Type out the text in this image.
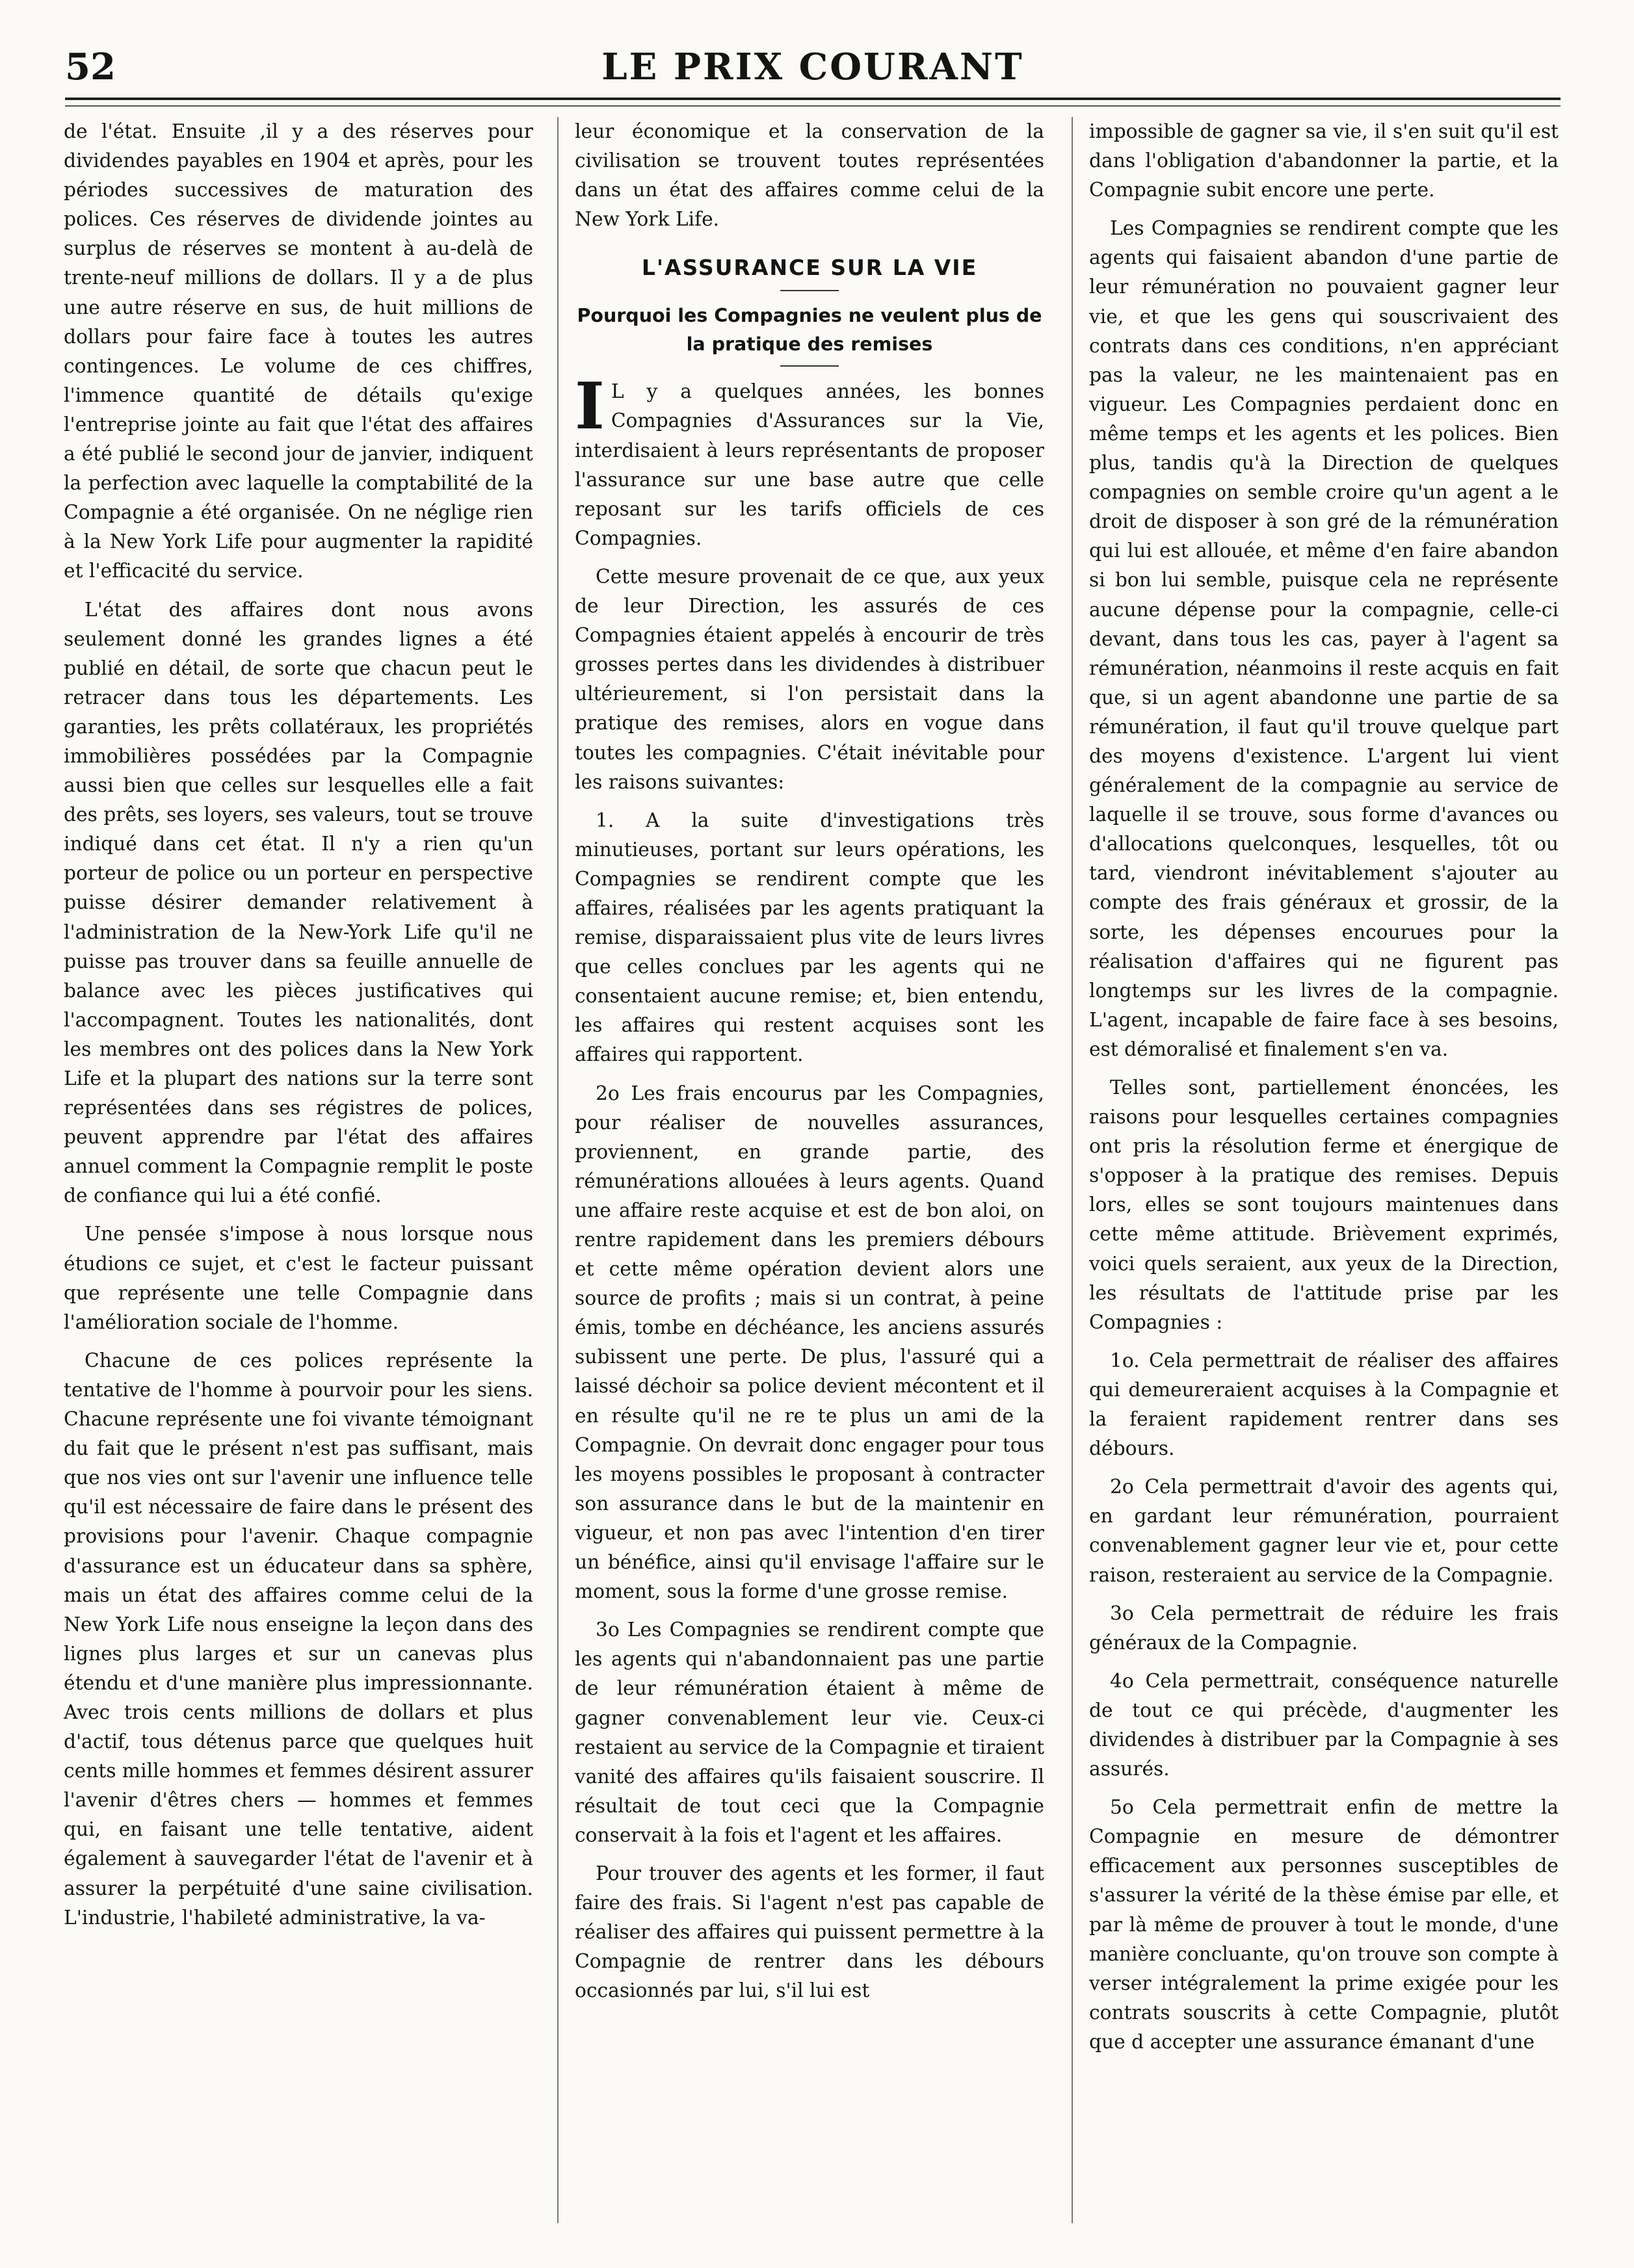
52	LE PRIX COURANT

de l'état. Ensuite ,il y a des réserves pour dividendes payables en 1904 et après, pour les périodes successives de maturation des polices. Ces réserves de dividende jointes au surplus de réserves se montent à au-delà de trente-neuf millions de dollars. Il y a de plus une autre réserve en sus, de huit millions de dollars pour faire face à toutes les autres contingences. Le volume de ces chiffres, l'immence quantité de détails qu'exige l'entreprise jointe au fait que l'état des affaires a été publié le second jour de janvier, indiquent la perfection avec laquelle la comptabilité de la Compagnie a été organisée. On ne néglige rien à la New York Life pour augmenter la rapidité et l'efficacité du service.

L'état des affaires dont nous avons seulement donné les grandes lignes a été publié en détail, de sorte que chacun peut le retracer dans tous les départements. Les garanties, les prêts collatéraux, les propriétés immobilières possédées par la Compagnie aussi bien que celles sur lesquelles elle a fait des prêts, ses loyers, ses valeurs, tout se trouve indiqué dans cet état. Il n'y a rien qu'un porteur de police ou un porteur en perspective puisse désirer demander relativement à l'administration de la New-York Life qu'il ne puisse pas trouver dans sa feuille annuelle de balance avec les pièces justificatives qui l'accompagnent. Toutes les nationalités, dont les membres ont des polices dans la New York Life et la plupart des nations sur la terre sont représentées dans ses régistres de polices, peuvent apprendre par l'état des affaires annuel comment la Compagnie remplit le poste de confiance qui lui a été confié.

Une pensée s'impose à nous lorsque nous étudions ce sujet, et c'est le facteur puissant que représente une telle Compagnie dans l'amélioration sociale de l'homme.

Chacune de ces polices représente la tentative de l'homme à pourvoir pour les siens. Chacune représente une foi vivante témoignant du fait que le présent n'est pas suffisant, mais que nos vies ont sur l'avenir une influence telle qu'il est nécessaire de faire dans le présent des provisions pour l'avenir. Chaque compagnie d'assurance est un éducateur dans sa sphère, mais un état des affaires comme celui de la New York Life nous enseigne la leçon dans des lignes plus larges et sur un canevas plus étendu et d'une manière plus impressionnante. Avec trois cents millions de dollars et plus d'actif, tous détenus parce que quelques huit cents mille hommes et femmes désirent assurer l'avenir d'êtres chers — hommes et femmes qui, en faisant une telle tentative, aident également à sauvegarder l'état de l'avenir et à assurer la perpétuité d'une saine civilisation. L'industrie, l'habileté administrative, la va-

leur économique et la conservation de la civilisation se trouvent toutes représentées dans un état des affaires comme celui de la New York Life.

L'ASSURANCE SUR LA VIE
Pourquoi les Compagnies ne veulent plus de la pratique des remises

I L y a quelques années, les bonnes Compagnies d'Assurances sur la Vie, interdisaient à leurs représentants de proposer l'assurance sur une base autre que celle reposant sur les tarifs officiels de ces Compagnies.

Cette mesure provenait de ce que, aux yeux de leur Direction, les assurés de ces Compagnies étaient appelés à encourir de très grosses pertes dans les dividendes à distribuer ultérieurement, si l'on persistait dans la pratique des remises, alors en vogue dans toutes les compagnies. C'était inévitable pour les raisons suivantes:

1. A la suite d'investigations très minutieuses, portant sur leurs opérations, les Compagnies se rendirent compte que les affaires, réalisées par les agents pratiquant la remise, disparaissaient plus vite de leurs livres que celles conclues par les agents qui ne consentaient aucune remise; et, bien entendu, les affaires qui restent acquises sont les affaires qui rapportent.

2o Les frais encourus par les Compagnies, pour réaliser de nouvelles assurances, proviennent, en grande partie, des rémunérations allouées à leurs agents. Quand une affaire reste acquise et est de bon aloi, on rentre rapidement dans les premiers débours et cette même opération devient alors une source de profits ; mais si un contrat, à peine émis, tombe en déchéance, les anciens assurés subissent une perte. De plus, l'assuré qui a laissé déchoir sa police devient mécontent et il en résulte qu'il ne re te plus un ami de la Compagnie. On devrait donc engager pour tous les moyens possibles le proposant à contracter son assurance dans le but de la maintenir en vigueur, et non pas avec l'intention d'en tirer un bénéfice, ainsi qu'il envisage l'affaire sur le moment, sous la forme d'une grosse remise.

3o Les Compagnies se rendirent compte que les agents qui n'abandonnaient pas une partie de leur rémunération étaient à même de gagner convenablement leur vie. Ceux-ci restaient au service de la Compagnie et tiraient vanité des affaires qu'ils faisaient souscrire. Il résultait de tout ceci que la Compagnie conservait à la fois et l'agent et les affaires.

Pour trouver des agents et les former, il faut faire des frais. Si l'agent n'est pas capable de réaliser des affaires qui puissent permettre à la Compagnie de rentrer dans les débours occasionnés par lui, s'il lui est

impossible de gagner sa vie, il s'en suit qu'il est dans l'obligation d'abandonner la partie, et la Compagnie subit encore une perte.

Les Compagnies se rendirent compte que les agents qui faisaient abandon d'une partie de leur rémunération no pouvaient gagner leur vie, et que les gens qui souscrivaient des contrats dans ces conditions, n'en appréciant pas la valeur, ne les maintenaient pas en vigueur. Les Compagnies perdaient donc en même temps et les agents et les polices. Bien plus, tandis qu'à la Direction de quelques compagnies on semble croire qu'un agent a le droit de disposer à son gré de la rémunération qui lui est allouée, et même d'en faire abandon si bon lui semble, puisque cela ne représente aucune dépense pour la compagnie, celle-ci devant, dans tous les cas, payer à l'agent sa rémunération, néanmoins il reste acquis en fait que, si un agent abandonne une partie de sa rémunération, il faut qu'il trouve quelque part des moyens d'existence. L'argent lui vient généralement de la compagnie au service de laquelle il se trouve, sous forme d'avances ou d'allocations quelconques, lesquelles, tôt ou tard, viendront inévitablement s'ajouter au compte des frais généraux et grossir, de la sorte, les dépenses encourues pour la réalisation d'affaires qui ne figurent pas longtemps sur les livres de la compagnie. L'agent, incapable de faire face à ses besoins, est démoralisé et finalement s'en va.

Telles sont, partiellement énoncées, les raisons pour lesquelles certaines compagnies ont pris la résolution ferme et énergique de s'opposer à la pratique des remises. Depuis lors, elles se sont toujours maintenues dans cette même attitude. Brièvement exprimés, voici quels seraient, aux yeux de la Direction, les résultats de l'attitude prise par les Compagnies :

1o. Cela permettrait de réaliser des affaires qui demeureraient acquises à la Compagnie et la feraient rapidement rentrer dans ses débours.

2o Cela permettrait d'avoir des agents qui, en gardant leur rémunération, pourraient convenablement gagner leur vie et, pour cette raison, resteraient au service de la Compagnie.

3o Cela permettrait de réduire les frais généraux de la Compagnie.

4o Cela permettrait, conséquence naturelle de tout ce qui précède, d'augmenter les dividendes à distribuer par la Compagnie à ses assurés.

5o Cela permettrait enfin de mettre la Compagnie en mesure de démontrer efficacement aux personnes susceptibles de s'assurer la vérité de la thèse émise par elle, et par là même de prouver à tout le monde, d'une manière concluante, qu'on trouve son compte à verser intégralement la prime exigée pour les contrats souscrits à cette Compagnie, plutôt que d accepter une assurance émanant d'une
